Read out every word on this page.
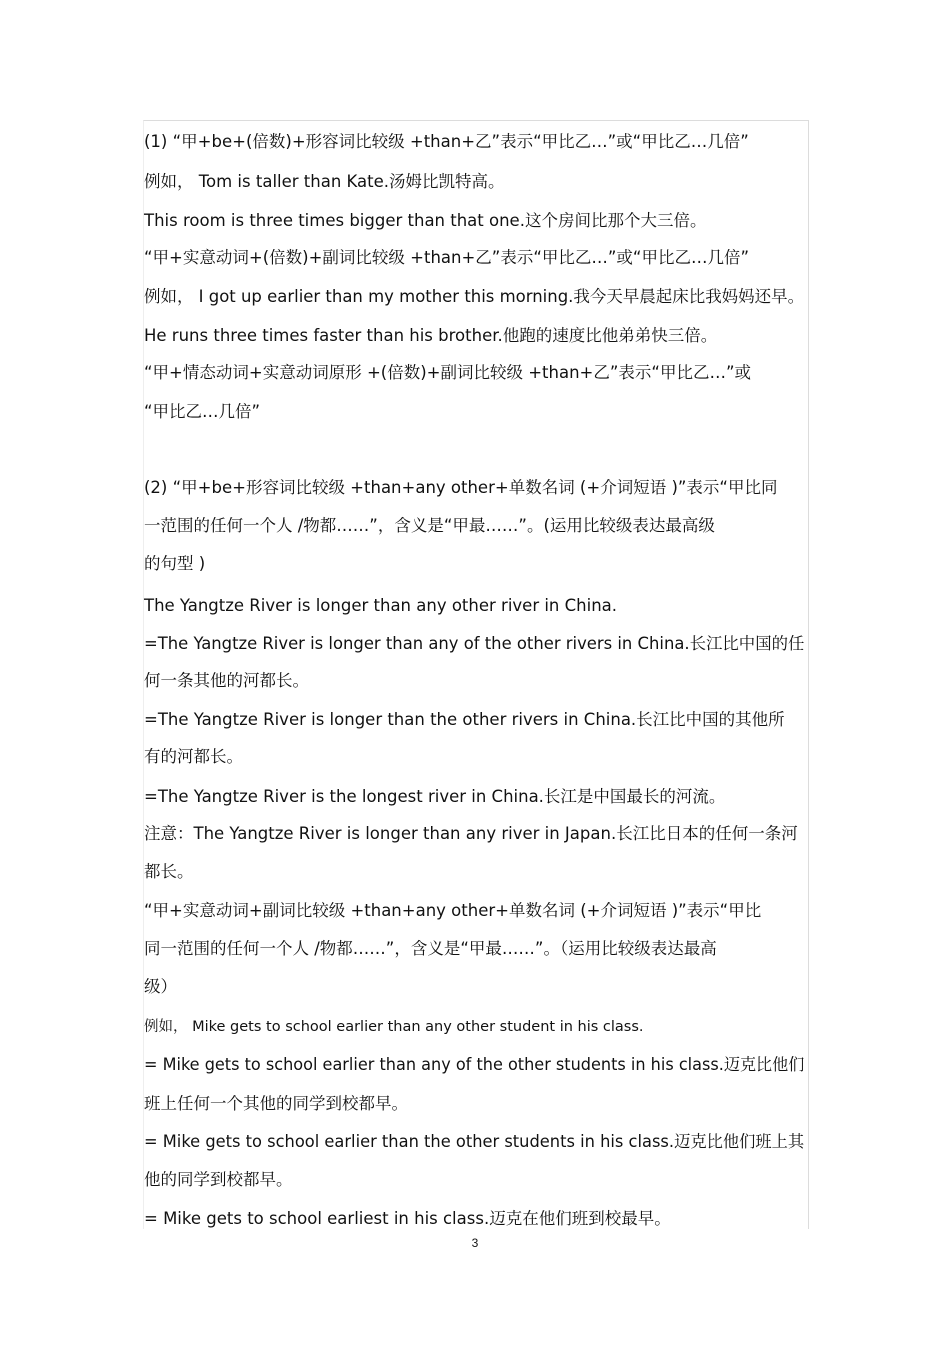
(1) “甲+be+(倍数)+形容词比较级 +than+乙”表示“甲比乙…”或“甲比乙…几倍”
例如， Tom is taller than Kate.汤姆比凯特高。
This room is three times bigger than that one.这个房间比那个大三倍。
“甲+实意动词+(倍数)+副词比较级 +than+乙”表示“甲比乙…”或“甲比乙…几倍”
例如， I got up earlier than my mother this morning.我今天早晨起床比我妈妈还早。
He runs three times faster than his brother.他跑的速度比他弟弟快三倍。
“甲+情态动词+实意动词原形 +(倍数)+副词比较级 +than+乙”表示“甲比乙…”或
“甲比乙…几倍”
(2) “甲+be+形容词比较级 +than+any other+单数名词 (+介词短语 )”表示“甲比同
一范围的任何一个人 /物都……”，含义是“甲最……”。(运用比较级表达最高级
的句型 )
The Yangtze River is longer than any other river in China.
=The Yangtze River is longer than any of the other rivers in China.长江比中国的任
何一条其他的河都长。
=The Yangtze River is longer than the other rivers in China.长江比中国的其他所
有的河都长。
=The Yangtze River is the longest river in China.长江是中国最长的河流。
注意：The Yangtze River is longer than any river in Japan.长江比日本的任何一条河
都长。
“甲+实意动词+副词比较级 +than+any other+单数名词 (+介词短语 )”表示“甲比
同一范围的任何一个人 /物都……”，含义是“甲最……”。（运用比较级表达最高
级）
例如， Mike gets to school earlier than any other student in his class.
= Mike gets to school earlier than any of the other students in his class.迈克比他们
班上任何一个其他的同学到校都早。
= Mike gets to school earlier than the other students in his class.迈克比他们班上其
他的同学到校都早。
= Mike gets to school earliest in his class.迈克在他们班到校最早。
3
